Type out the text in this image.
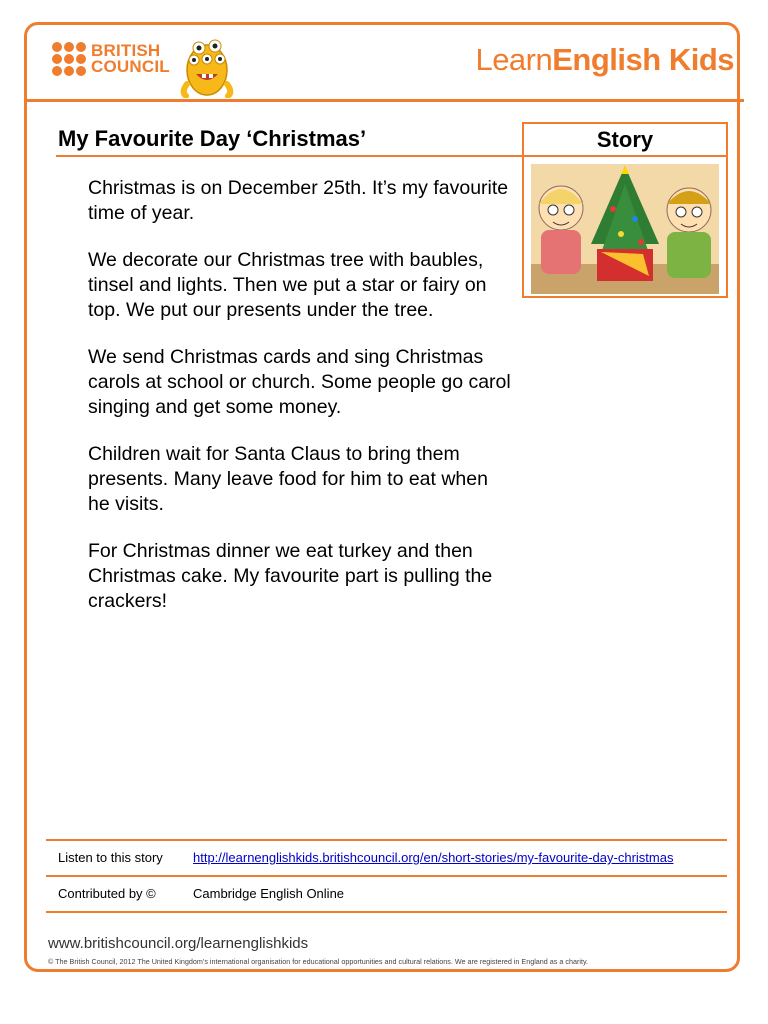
BRITISH
COUNCIL	LearnEnglish Kids
My Favourite Day ‘Christmas’	Story

Christmas is on December 25th. It’s my favourite time of year.

We decorate our Christmas tree with baubles, tinsel and lights. Then we put a star or fairy on top. We put our presents under the tree.

We send Christmas cards and sing Christmas carols at school or church. Some people go carol singing and get some money.

Children wait for Santa Claus to bring them presents. Many leave food for him to eat when he visits.

For Christmas dinner we eat turkey and then Christmas cake. My favourite part is pulling the crackers!

Listen to this story http://learnenglishkids.britishcouncil.org/en/short-stories/my-favourite-day-christmas
Contributed by ©	Cambridge English Online
www.britishcouncil.org/learnenglishkids
© The British Council, 2012 The United Kingdom’s international organisation for educational opportunities and cultural relations. We are registered in England as a charity.
